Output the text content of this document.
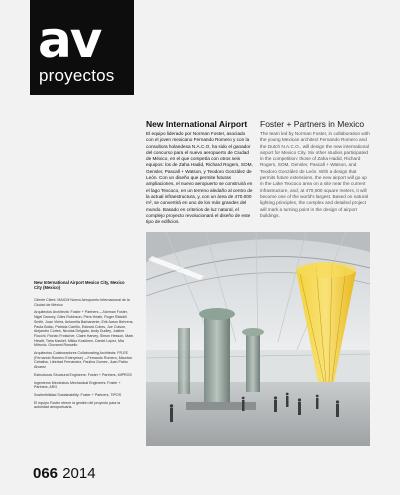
av
proyectos
New International Airport Foster + Partners in Mexico
El equipo liderado por Norman Foster, asociado con el joven mexicano Fernando Romero y con la consultora holandesa N.A.C.O, ha sido el ganador del concurso para el nuevo aeropuerto de Ciudad de México, en el que competía con otros seis equipos: los de Zaha Hadid, Richard Rogers, SOM, Gensler, Pascall + Watson, y Teodoro González de León. Con un diseño que permite futuras ampliaciones, el nuevo aeropuerto se construirá en el lago Texcoco, en un terreno aledaño al centro de la actual infraestructura, y, con un área de 470.000 m², se convertirá en uno de los más grandes del mundo. Basado en criterios de luz natural, el complejo proyecto revolucionará el diseño de este tipo de edificios.
The team led by Norman Foster, in collaboration with the young Mexican architect Fernando Romero and the Dutch N.A.C.O., will design the new international airport for Mexico City. Six other studios participated in the competition: those of Zaha Hadid, Richard Rogers, SOM, Gensler, Pascall + Watson, and Teodoro González de León. With a design that permits future extensions, the new airport will go up in the Lake Texcoco area on a site near the current infrastructure, and, at 470,000 square meters, it will become one of the world's largest. Based on natural lighting principles, the complex and detailed project will mark a turning point in the design of airport buildings.
New International Airport Mexico City, Mexico City (Mexico)

Cliente Client: MAICM Nuevo Aeropuerto Internacional de la Ciudad de México

Arquitectos Architects: Foster + Partners —Norman Foster, Nigel Dancey, Giles Robinson, Piers Heath, Roger Ridsdill Smith, Juan Vieira, Antonella Barbanente, Erik Aaron Behrens, Paola Boldu, Patricia Carrillo, Edward Cokes, Joe Colson, Alejandro Cortes, Nicolas Delgado, Andy Dudley, Justine Fiocchi, Florian Frotscher, Claire Harvey, Simon Hesson, Mark Hewitt, Taha Kashef, Mikko Koskinen, Daniel Lopez, Mia Mitrovic, Giovanni Rossello

Arquitectos Colaboradores Collaborating Architects: FR-EE (Fernando Romero Enterprise) —Fernando Romero, Mauricio Ceballos, Libertad Fernandez, Paulina Gomez, Juan Pablo Alvarez

Estructuras Structural Engineers: Foster + Partners, MIPROS

Ingenieros Mecánicos Mechanical Engineers: Foster + Partners, ARG

Sostenibilidad Sustainability: Foster + Partners, TIPOS

El equipo Foster ofrece la gestión del proyecto para la autoridad aeroportuaria.

066 2014
